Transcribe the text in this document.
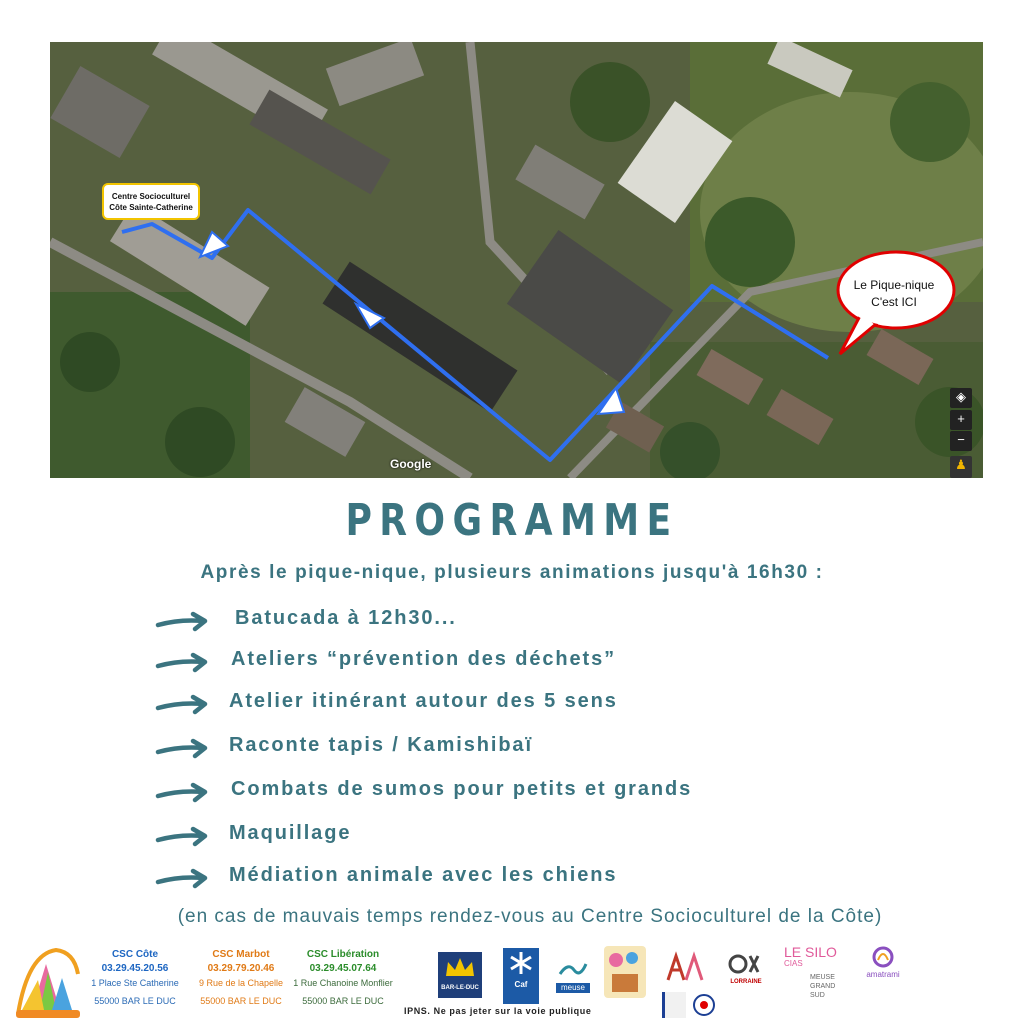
Centre Socioculturel
Côte Sainte-Catherine
Le Pique-nique
C'est ICI
Google
◈
+
−
♟
PROGRAMME
Après le pique-nique, plusieurs animations jusqu'à 16h30 :
Batucada à 12h30...
Ateliers “prévention des déchets”
Atelier itinérant autour des 5 sens
Raconte tapis / Kamishibaï
Combats de sumos pour petits et grands
Maquillage
Médiation animale avec les chiens
(en cas de mauvais temps rendez-vous au Centre Socioculturel de la Côte)
CSC Côte
03.29.45.20.56
1 Place Ste Catherine
55000 BAR LE DUC
CSC Marbot
03.29.79.20.46
9 Rue de la Chapelle
55000 BAR LE DUC
CSC Libération
03.29.45.07.64
1 Rue Chanoine Monflier
55000 BAR LE DUC
BAR-LE-DUC	Caf	meuse
LORRAINE
LE SILO CIAS
MEUSE GRAND SUD
amatrami
IPNS. Ne pas jeter sur la voie publique
